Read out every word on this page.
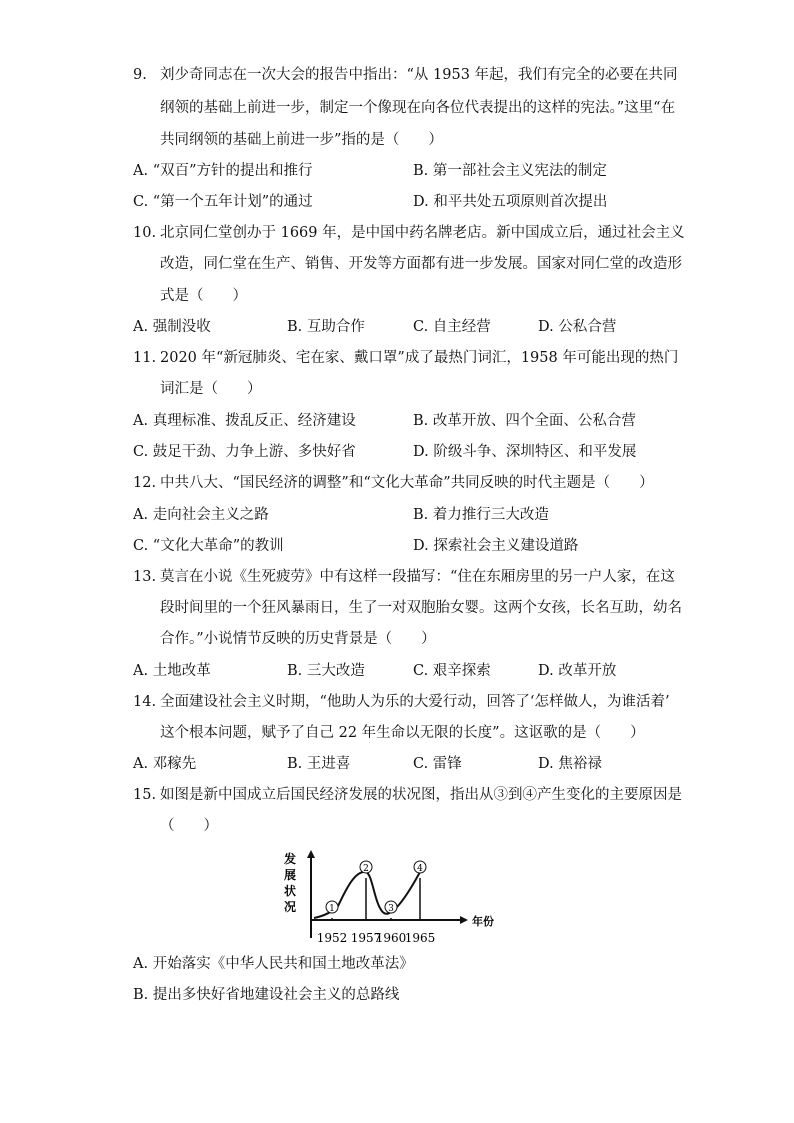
9. 刘少奇同志在一次大会的报告中指出：“从 1953 年起，我们有完全的必要在共同
纲领的基础上前进一步，制定一个像现在向各位代表提出的这样的宪法。”这里“在
共同纲领的基础上前进一步”指的是（　　）
A. “双百”方针的提出和推行	B. 第一部社会主义宪法的制定
C. “第一个五年计划”的通过	D. 和平共处五项原则首次提出
10. 北京同仁堂创办于 1669 年，是中国中药名牌老店。新中国成立后，通过社会主义
改造，同仁堂在生产、销售、开发等方面都有进一步发展。国家对同仁堂的改造形
式是（　　）
A. 强制没收	B. 互助合作	C. 自主经营	D. 公私合营
11. 2020 年“新冠肺炎、宅在家、戴口罩”成了最热门词汇，1958 年可能出现的热门
词汇是（　　）
A. 真理标准、拨乱反正、经济建设	B. 改革开放、四个全面、公私合营
C. 鼓足干劲、力争上游、多快好省	D. 阶级斗争、深圳特区、和平发展
12. 中共八大、“国民经济的调整”和“文化大革命”共同反映的时代主题是（　　）
A. 走向社会主义之路	B. 着力推行三大改造
C. “文化大革命”的教训	D. 探索社会主义建设道路
13. 莫言在小说《生死疲劳》中有这样一段描写：“住在东厢房里的另一户人家，在这
段时间里的一个狂风暴雨日，生了一对双胞胎女婴。这两个女孩，长名互助，幼名
合作。”小说情节反映的历史背景是（　　）
A. 土地改革	B. 三大改造	C. 艰辛探索	D. 改革开放
14. 全面建设社会主义时期，“他助人为乐的大爱行动，回答了‘怎样做人，为谁活着’
这个根本问题，赋予了自己 22 年生命以无限的长度”。这讴歌的是（　　）
A. 邓稼先	B. 王进喜	C. 雷锋	D. 焦裕禄
15. 如图是新中国成立后国民经济发展的状况图，指出从③到④产生变化的主要原因是
（　　）
发
展
状
况
年份
1
1952
2
1957
3
1960
4
1965
A. 开始落实《中华人民共和国土地改革法》
B. 提出多快好省地建设社会主义的总路线
